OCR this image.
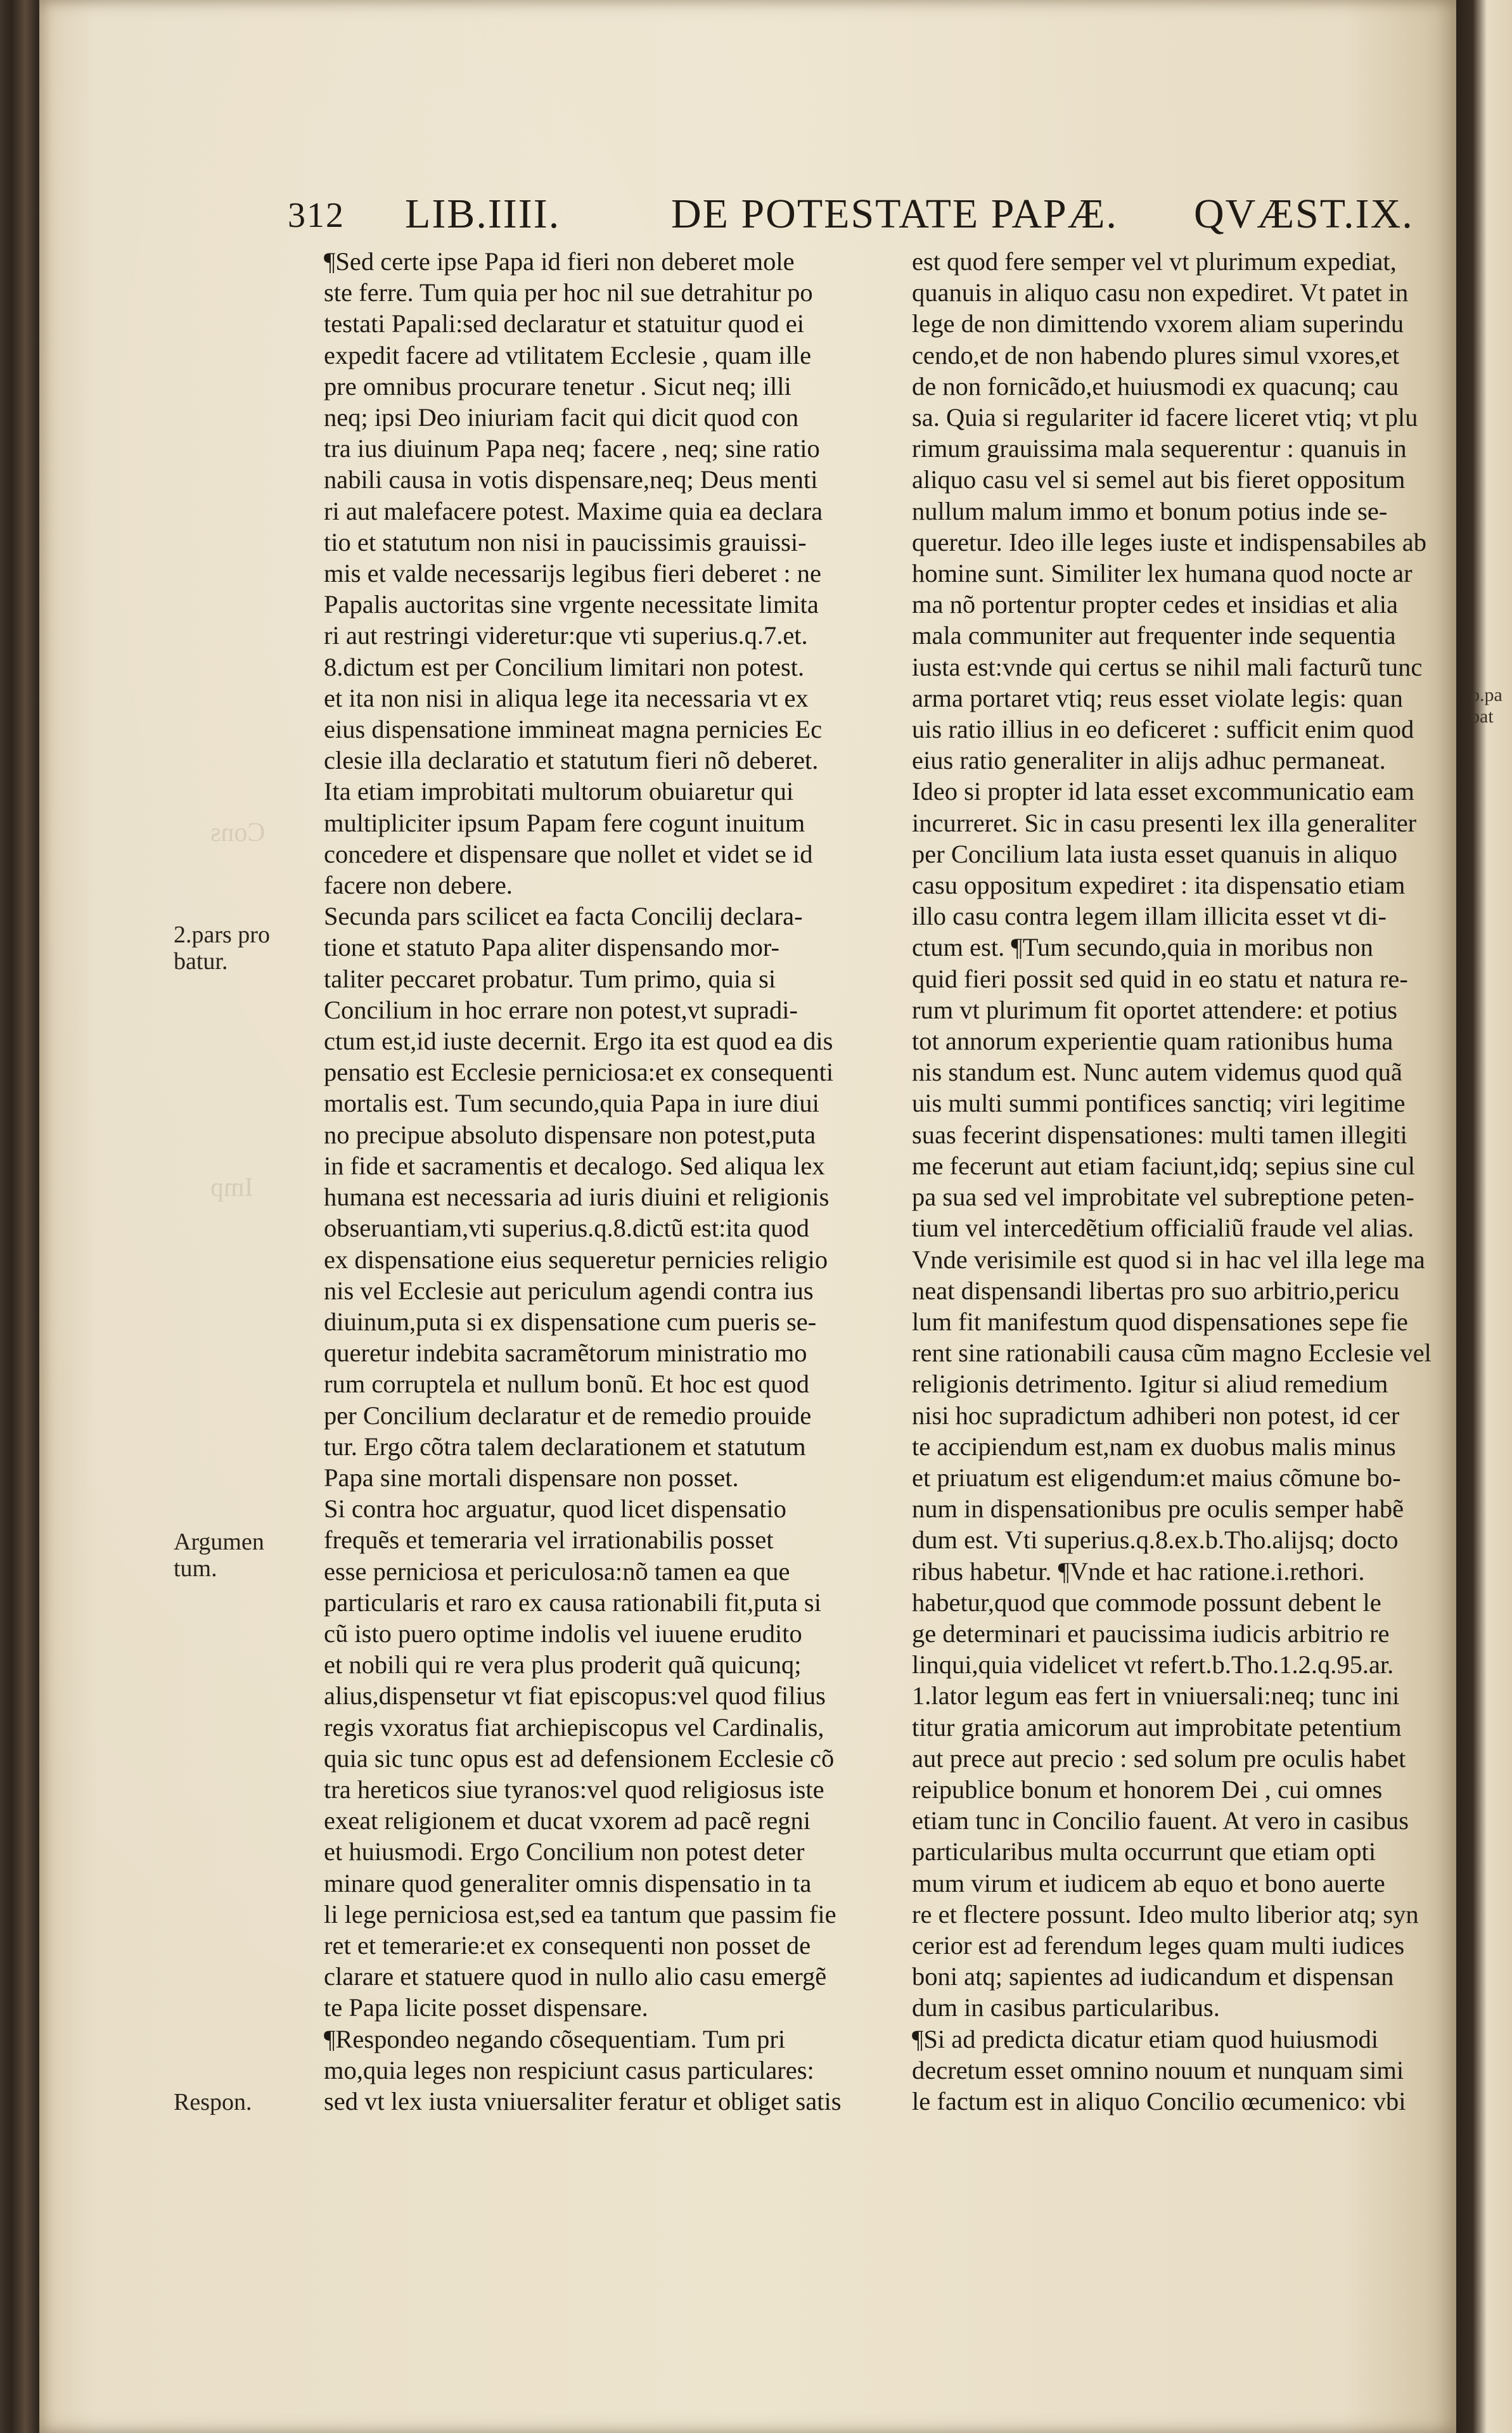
Cons
Imp
312 LIB.IIII.	DE POTESTATE PAPÆ. QVÆST.IX.
2.pars pro
batur.
Argumen
tum.
Respon.

¶Sed certe ipse Papa id fieri non deberet mole

ste ferre. Tum quia per hoc nil sue detrahitur po

testati Papali:sed declaratur et statuitur quod ei

expedit facere ad vtilitatem Ecclesie , quam ille

pre omnibus procurare tenetur . Sicut neq; illi

neq; ipsi Deo iniuriam facit qui dicit quod con

tra ius diuinum Papa neq; facere , neq; sine ratio

nabili causa in votis dispensare,neq; Deus menti

ri aut malefacere potest. Maxime quia ea declara

tio et statutum non nisi in paucissimis grauissi-

mis et valde necessarijs legibus fieri deberet : ne

Papalis auctoritas sine vrgente necessitate limita

ri aut restringi videretur:que vti superius.q.7.et.

8.dictum est per Concilium limitari non potest.

et ita non nisi in aliqua lege ita necessaria vt ex

eius dispensatione immineat magna pernicies Ec

clesie illa declaratio et statutum fieri nõ deberet.

Ita etiam improbitati multorum obuiaretur qui

multipliciter ipsum Papam fere cogunt inuitum

concedere et dispensare que nollet et videt se id

facere non debere.

Secunda pars scilicet ea facta Concilij declara-

tione et statuto Papa aliter dispensando mor-

taliter peccaret probatur. Tum primo, quia si

Concilium in hoc errare non potest,vt supradi-

ctum est,id iuste decernit. Ergo ita est quod ea dis

pensatio est Ecclesie perniciosa:et ex consequenti

mortalis est. Tum secundo,quia Papa in iure diui

no precipue absoluto dispensare non potest,puta

in fide et sacramentis et decalogo. Sed aliqua lex

humana est necessaria ad iuris diuini et religionis

obseruantiam,vti superius.q.8.dictũ est:ita quod

ex dispensatione eius sequeretur pernicies religio

nis vel Ecclesie aut periculum agendi contra ius

diuinum,puta si ex dispensatione cum pueris se-

queretur indebita sacramẽtorum ministratio mo

rum corruptela et nullum bonũ. Et hoc est quod

per Concilium declaratur et de remedio prouide

tur. Ergo cõtra talem declarationem et statutum

Papa sine mortali dispensare non posset.

Si contra hoc arguatur, quod licet dispensatio

frequẽs et temeraria vel irrationabilis posset

esse perniciosa et periculosa:nõ tamen ea que

particularis et raro ex causa rationabili fit,puta si

cũ isto puero optime indolis vel iuuene erudito

et nobili qui re vera plus proderit quã quicunq;

alius,dispensetur vt fiat episcopus:vel quod filius

regis vxoratus fiat archiepiscopus vel Cardinalis,

quia sic tunc opus est ad defensionem Ecclesie cõ

tra hereticos siue tyranos:vel quod religiosus iste

exeat religionem et ducat vxorem ad pacẽ regni

et huiusmodi. Ergo Concilium non potest deter

minare quod generaliter omnis dispensatio in ta

li lege perniciosa est,sed ea tantum que passim fie

ret et temerarie:et ex consequenti non posset de

clarare et statuere quod in nullo alio casu emergẽ

te Papa licite posset dispensare.

¶Respondeo negando cõsequentiam. Tum pri

mo,quia leges non respiciunt casus particulares:

sed vt lex iusta vniuersaliter feratur et obliget satis

est quod fere semper vel vt plurimum expediat,

quanuis in aliquo casu non expediret. Vt patet in

lege de non dimittendo vxorem aliam superindu

cendo,et de non habendo plures simul vxores,et

de non fornicãdo,et huiusmodi ex quacunq; cau

sa. Quia si regulariter id facere liceret vtiq; vt plu

rimum grauissima mala sequerentur : quanuis in

aliquo casu vel si semel aut bis fieret oppositum

nullum malum immo et bonum potius inde se-

queretur. Ideo ille leges iuste et indispensabiles ab

homine sunt. Similiter lex humana quod nocte ar

ma nõ portentur propter cedes et insidias et alia

mala communiter aut frequenter inde sequentia

iusta est:vnde qui certus se nihil mali facturũ tunc

arma portaret vtiq; reus esset violate legis: quan

uis ratio illius in eo deficeret : sufficit enim quod

eius ratio generaliter in alijs adhuc permaneat.

Ideo si propter id lata esset excommunicatio eam

incurreret. Sic in casu presenti lex illa generaliter

per Concilium lata iusta esset quanuis in aliquo

casu oppositum expediret : ita dispensatio etiam

illo casu contra legem illam illicita esset vt di-

ctum est. ¶Tum secundo,quia in moribus non

quid fieri possit sed quid in eo statu et natura re-

rum vt plurimum fit oportet attendere: et potius

tot annorum experientie quam rationibus huma

nis standum est. Nunc autem videmus quod quã

uis multi summi pontifices sanctiq; viri legitime

suas fecerint dispensationes: multi tamen illegiti

me fecerunt aut etiam faciunt,idq; sepius sine cul

pa sua sed vel improbitate vel subreptione peten-

tium vel intercedẽtium officialiũ fraude vel alias.

Vnde verisimile est quod si in hac vel illa lege ma

neat dispensandi libertas pro suo arbitrio,pericu

lum fit manifestum quod dispensationes sepe fie

rent sine rationabili causa cũm magno Ecclesie vel

religionis detrimento. Igitur si aliud remedium

nisi hoc supradictum adhiberi non potest, id cer

te accipiendum est,nam ex duobus malis minus

et priuatum est eligendum:et maius cõmune bo-

num in dispensationibus pre oculis semper habẽ

dum est. Vti superius.q.8.ex.b.Tho.alijsq; docto

ribus habetur. ¶Vnde et hac ratione.i.rethori.

habetur,quod que commode possunt debent le

ge determinari et paucissima iudicis arbitrio re

linqui,quia videlicet vt refert.b.Tho.1.2.q.95.ar.

1.lator legum eas fert in vniuersali:neq; tunc ini

titur gratia amicorum aut improbitate petentium

aut prece aut precio : sed solum pre oculis habet

reipublice bonum et honorem Dei , cui omnes

etiam tunc in Concilio fauent. At vero in casibus

particularibus multa occurrunt que etiam opti

mum virum et iudicem ab equo et bono auerte

re et flectere possunt. Ideo multo liberior atq; syn

cerior est ad ferendum leges quam multi iudices

boni atq; sapientes ad iudicandum et dispensan

dum in casibus particularibus.

¶Si ad predicta dicatur etiam quod huiusmodi

decretum esset omnino nouum et nunquam simi

le factum est in aliquo Concilio œcumenico: vbi

p.pa
bat
